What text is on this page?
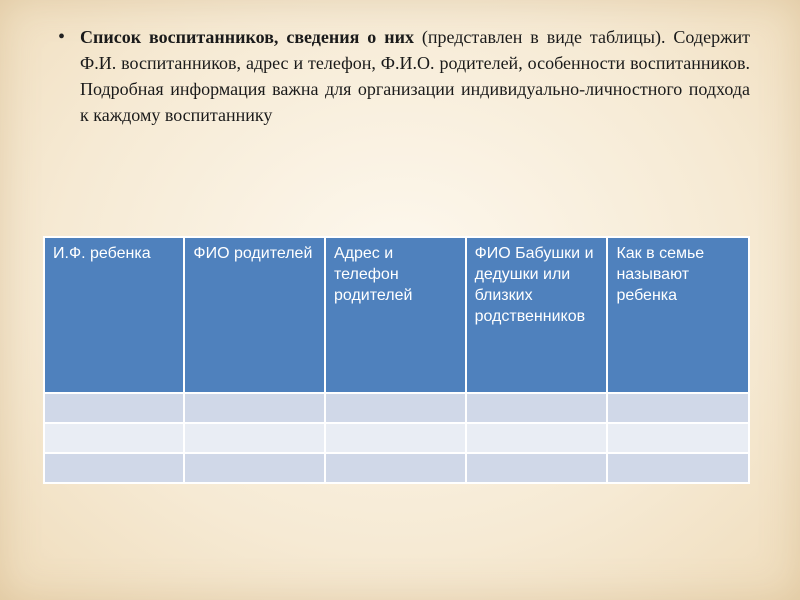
• Список воспитанников, сведения о них (представлен в виде таблицы). Содержит Ф.И. воспитанников, адрес и телефон, Ф.И.О. родителей, особенности воспитанников. Подробная информация важна для организации индивидуально-личностного подхода к каждому воспитаннику
И.Ф. ребенка	ФИО родителей	Адрес и телефон родителей	ФИО Бабушки и дедушки или близких родственников	Как в семье называют ребенка
